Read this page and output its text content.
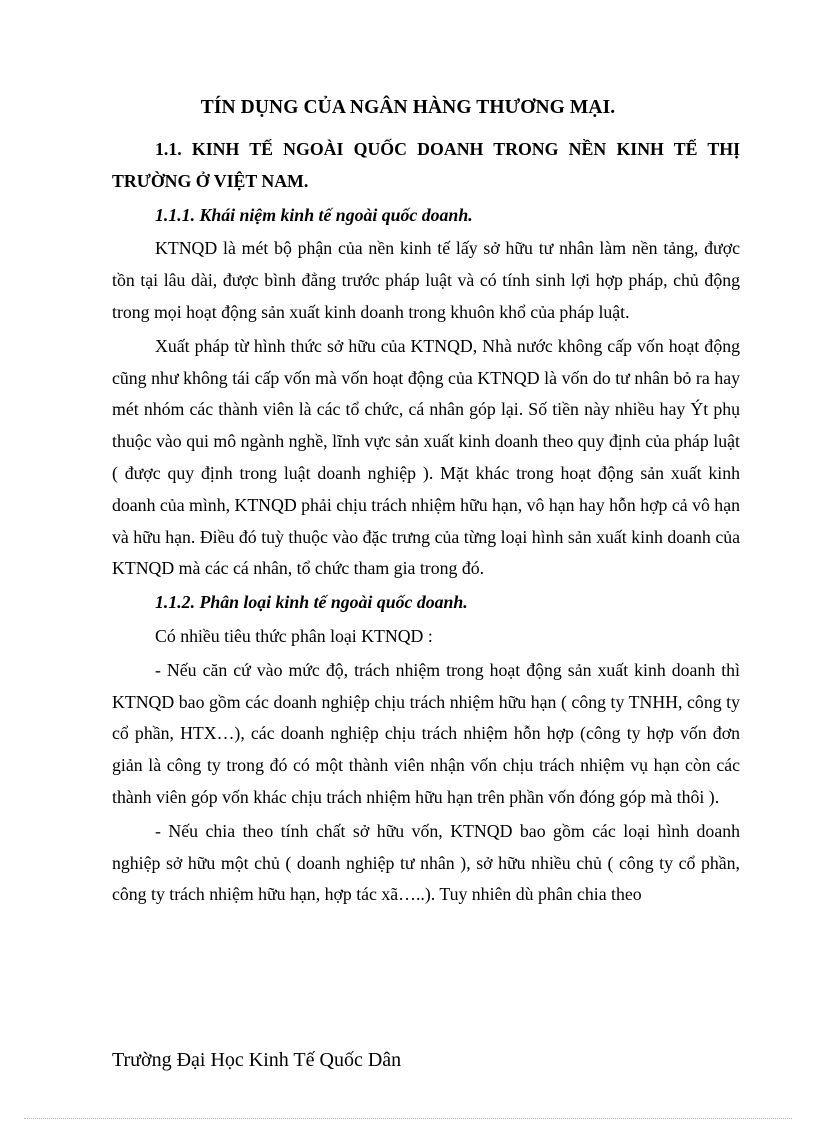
TÍN DỤNG CỦA NGÂN HÀNG THƯƠNG MẠI.

1.1. KINH TẾ NGOÀI QUỐC DOANH TRONG NỀN KINH TẾ THỊ TRƯỜNG Ở VIỆT NAM.

1.1.1. Khái niệm kinh tế ngoài quốc doanh.

KTNQD là mét bộ phận của nền kinh tế lấy sở hữu tư nhân làm nền tảng, được tồn tại lâu dài, được bình đẳng trước pháp luật và có tính sinh lợi hợp pháp, chủ động trong mọi hoạt động sản xuất kinh doanh trong khuôn khổ của pháp luật.

Xuất pháp từ hình thức sở hữu của KTNQD, Nhà nước không cấp vốn hoạt động cũng như không tái cấp vốn mà vốn hoạt động của KTNQD là vốn do tư nhân bỏ ra hay mét nhóm các thành viên là các tổ chức, cá nhân góp lại. Số tiền này nhiều hay Ýt phụ thuộc vào qui mô ngành nghề, lĩnh vực sản xuất kinh doanh theo quy định của pháp luật ( được quy định trong luật doanh nghiệp ). Mặt khác trong hoạt động sản xuất kinh doanh của mình, KTNQD phải chịu trách nhiệm hữu hạn, vô hạn hay hỗn hợp cả vô hạn và hữu hạn. Điều đó tuỳ thuộc vào đặc trưng của từng loại hình sản xuất kinh doanh của KTNQD mà các cá nhân, tổ chức tham gia trong đó.

1.1.2. Phân loại kinh tế ngoài quốc doanh.

Có nhiều tiêu thức phân loại KTNQD :

- Nếu căn cứ vào mức độ, trách nhiệm trong hoạt động sản xuất kinh doanh thì KTNQD bao gồm các doanh nghiệp chịu trách nhiệm hữu hạn ( công ty TNHH, công ty cổ phần, HTX…), các doanh nghiệp chịu trách nhiệm hỗn hợp (công ty hợp vốn đơn giản là công ty trong đó có một thành viên nhận vốn chịu trách nhiệm vụ hạn còn các thành viên góp vốn khác chịu trách nhiệm hữu hạn trên phần vốn đóng góp mà thôi ).

- Nếu chia theo tính chất sở hữu vốn, KTNQD bao gồm các loại hình doanh nghiệp sở hữu một chủ ( doanh nghiệp tư nhân ), sở hữu nhiều chủ ( công ty cổ phần, công ty trách nhiệm hữu hạn, hợp tác xã…..). Tuy nhiên dù phân chia theo

Trường Đại Học Kinh Tế Quốc Dân
